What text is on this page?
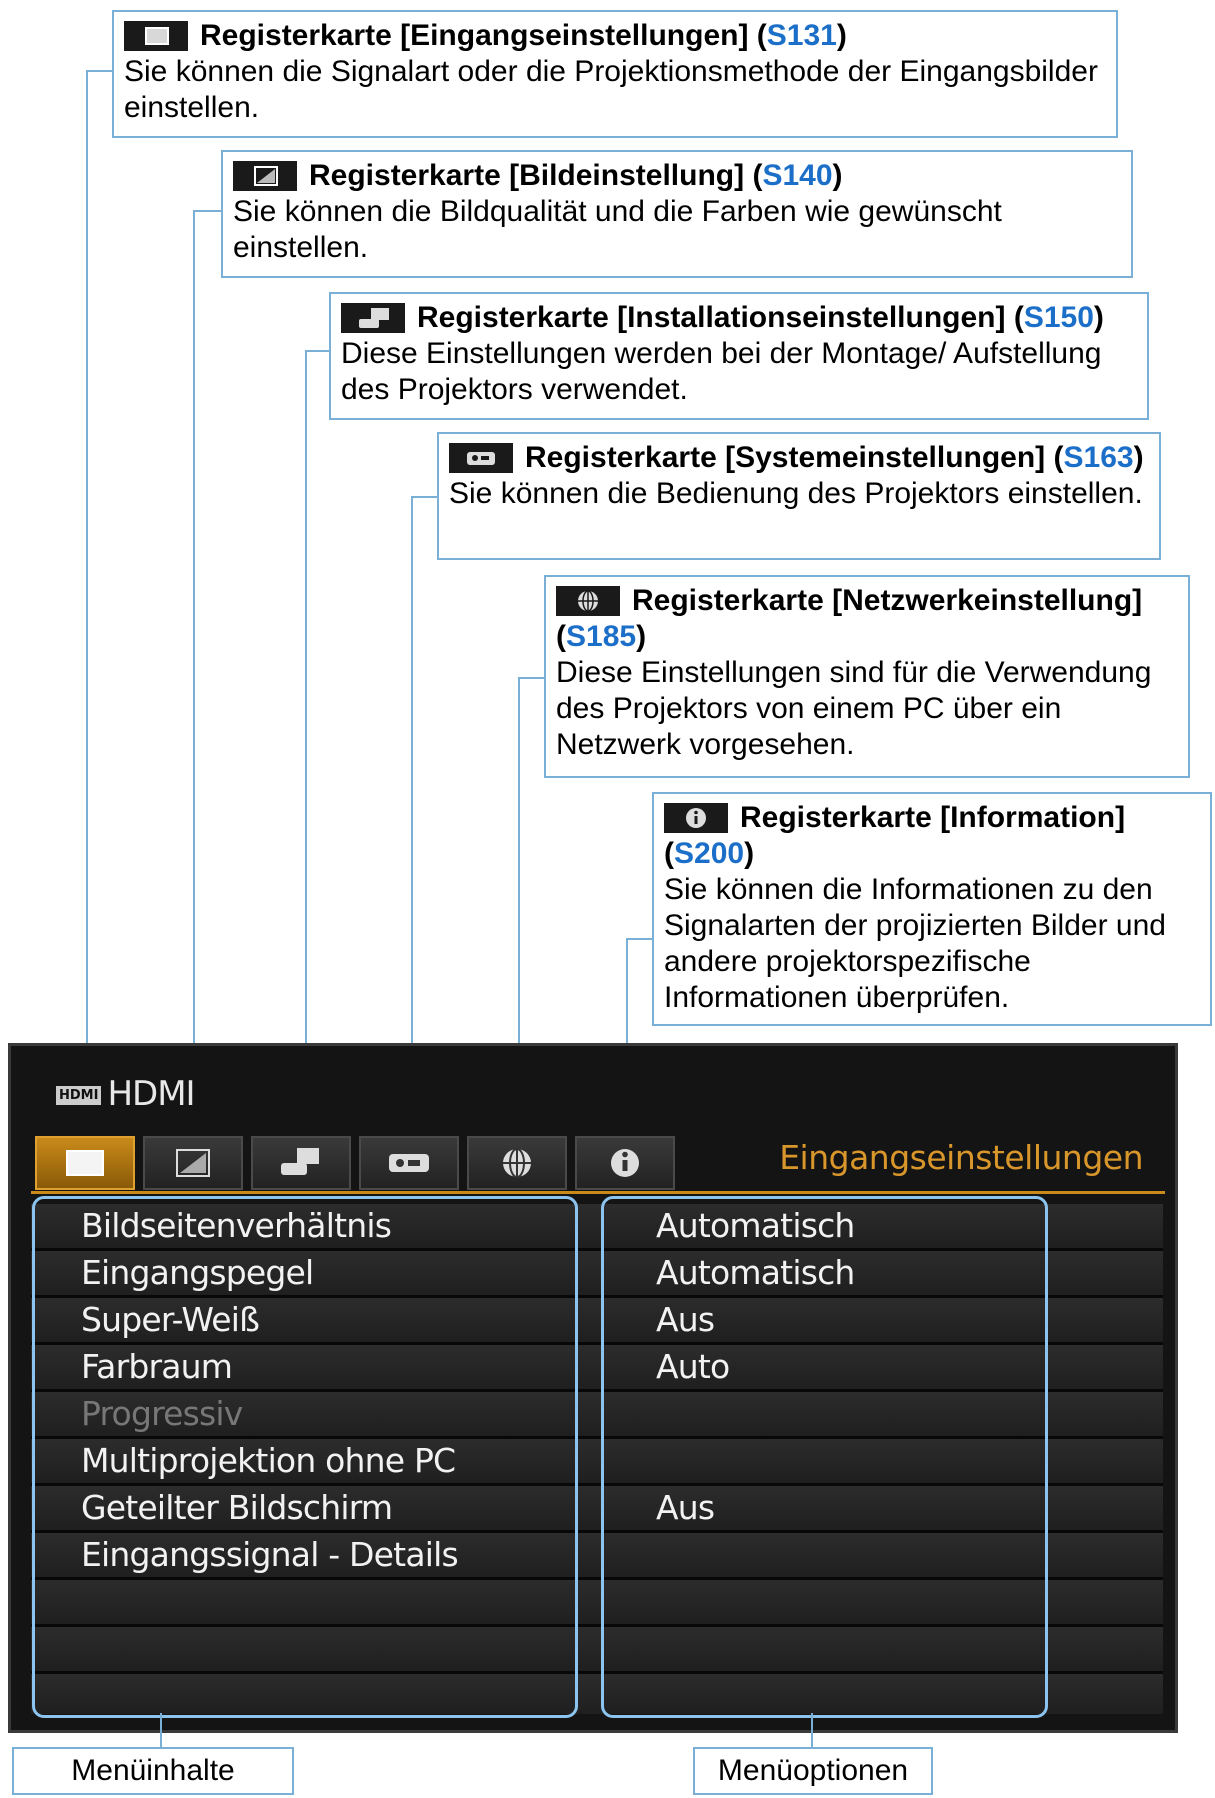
Registerkarte [Eingangseinstellungen] (S131)
Sie können die Signalart oder die Projektionsmethode der Eingangsbilder einstellen.
Registerkarte [Bildeinstellung] (S140)
Sie können die Bildqualität und die Farben wie gewünscht einstellen.
Registerkarte [Installationseinstellungen] (S150)
Diese Einstellungen werden bei der Montage/ Aufstellung des Projektors verwendet.
Registerkarte [Systemeinstellungen] (S163)
Sie können die Bedienung des Projektors einstellen.
Registerkarte [Netzwerkeinstellung] (S185)
Diese Einstellungen sind für die Verwendung des Projektors von einem PC über ein Netzwerk vorgesehen.
Registerkarte [Information] (S200)
Sie können die Informationen zu den Signalarten der projizierten Bilder und andere projektorspezifische Informationen überprüfen.
HDMI HDMI
Eingangseinstellungen
Bildseitenverhältnis	Automatisch
Eingangspegel	Automatisch
Super-Weiß	Aus
Farbraum	Auto
Progressiv
Multiprojektion ohne PC
Geteilter Bildschirm	Aus
Eingangssignal - Details
Menüinhalte	Menüoptionen
